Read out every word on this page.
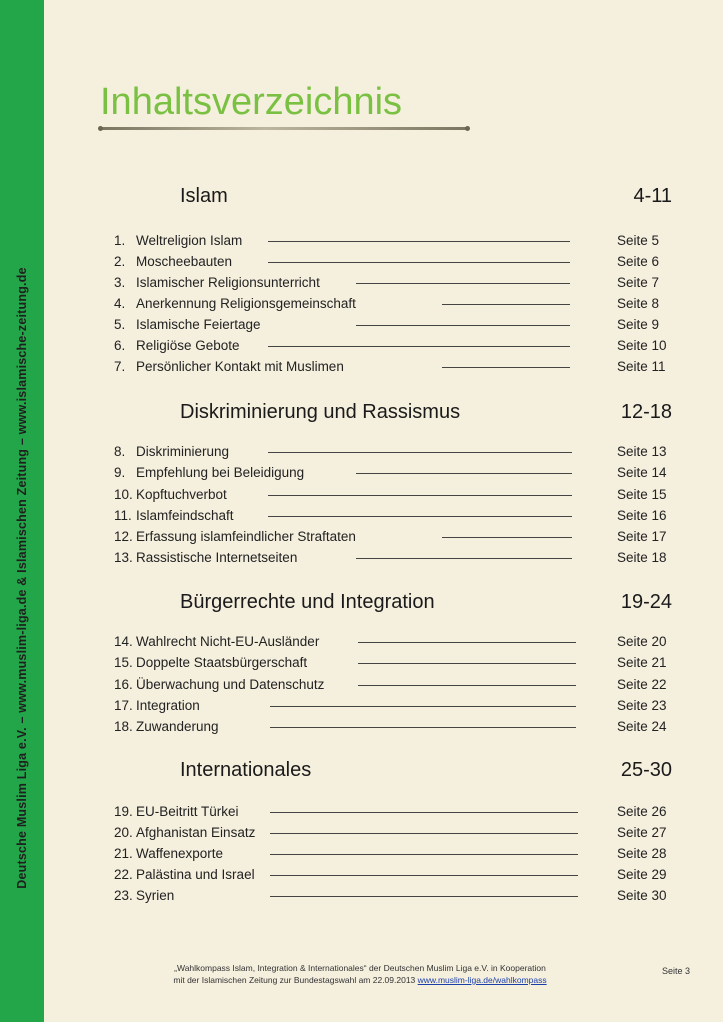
Deutsche Muslim Liga e.V. – www.muslim-liga.de & Islamischen Zeitung – www.islamische-zeitung.de
Inhaltsverzeichnis
Islam	4-11
1. Weltreligion Islam	Seite 5
2. Moscheebauten	Seite 6
3. Islamischer Religionsunterricht	Seite 7
4. Anerkennung Religionsgemeinschaft	Seite 8
5. Islamische Feiertage	Seite 9
6. Religiöse Gebote	Seite 10
7. Persönlicher Kontakt mit Muslimen	Seite 11
Diskriminierung und Rassismus	12-18
8. Diskriminierung	Seite 13
9. Empfehlung bei Beleidigung	Seite 14
10. Kopftuchverbot	Seite 15
11. Islamfeindschaft	Seite 16
12. Erfassung islamfeindlicher Straftaten	Seite 17
13. Rassistische Internetseiten	Seite 18
Bürgerrechte und Integration	19-24
14. Wahlrecht Nicht-EU-Ausländer	Seite 20
15. Doppelte Staatsbürgerschaft	Seite 21
16. Überwachung und Datenschutz	Seite 22
17. Integration	Seite 23
18. Zuwanderung	Seite 24
Internationales	25-30
19. EU-Beitritt Türkei	Seite 26
20. Afghanistan Einsatz	Seite 27
21. Waffenexporte	Seite 28
22. Palästina und Israel	Seite 29
23. Syrien	Seite 30
„Wahlkompass Islam, Integration & Internationales“ der Deutschen Muslim Liga e.V. in Kooperation
mit der Islamischen Zeitung zur Bundestagswahl am 22.09.2013 www.muslim-liga.de/wahlkompass
Seite 3
